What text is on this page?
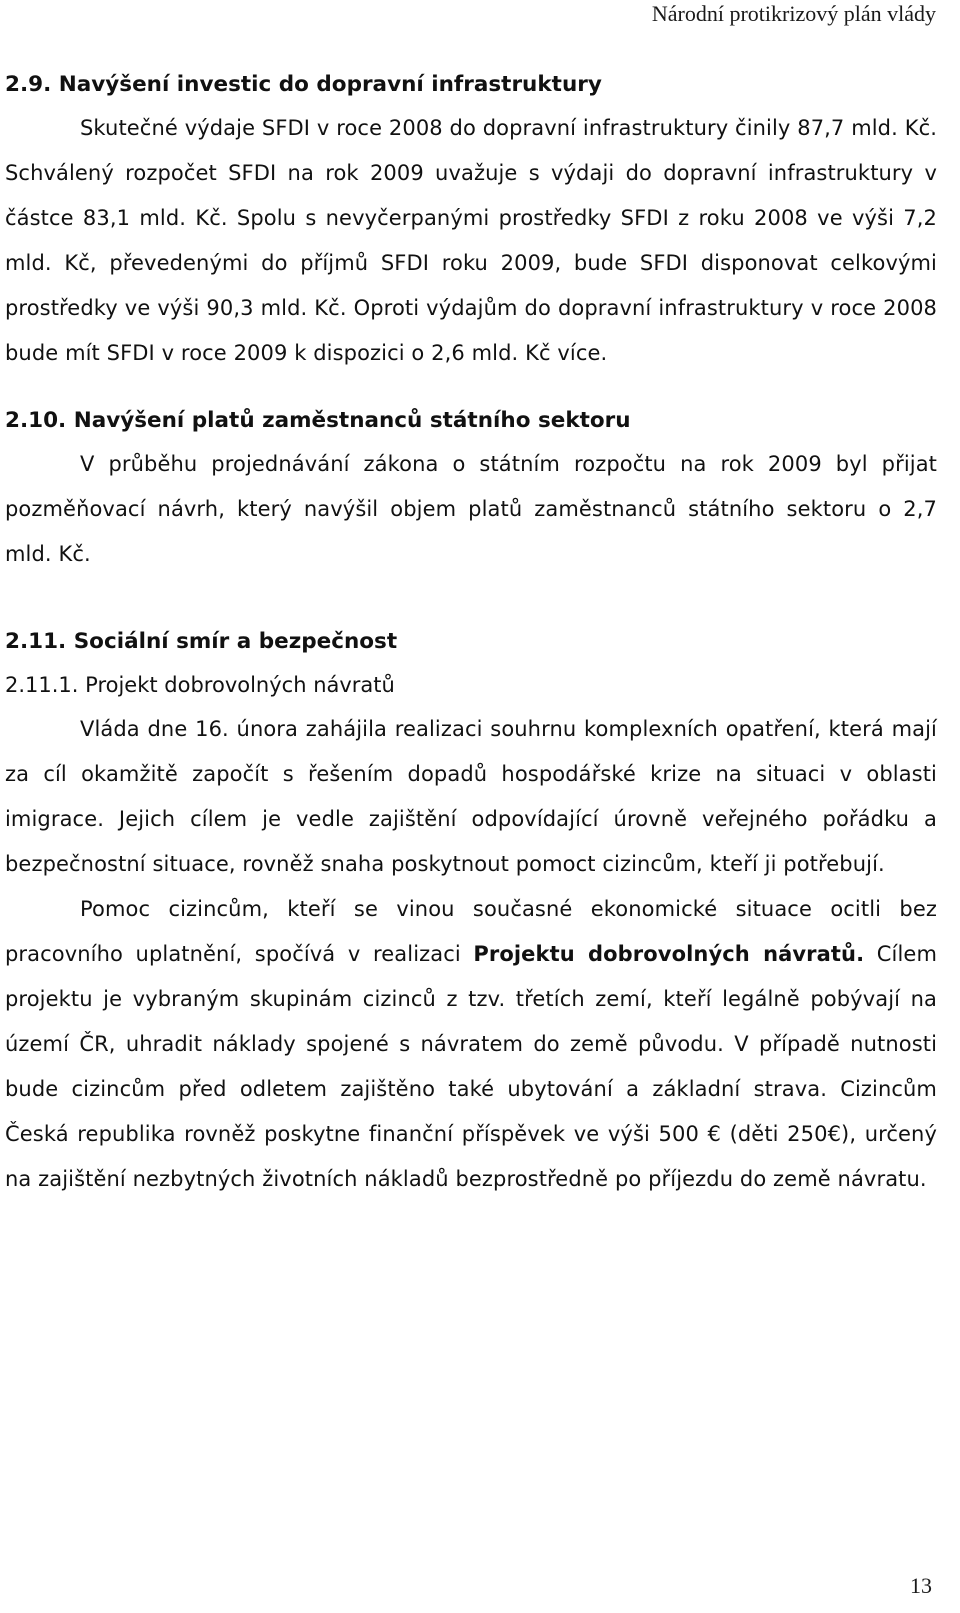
Národní protikrizový plán vlády
2.9. Navýšení investic do dopravní infrastruktury

Skutečné výdaje SFDI v roce 2008 do dopravní infrastruktury činily 87,7 mld. Kč. Schválený rozpočet SFDI na rok 2009 uvažuje s výdaji do dopravní infrastruktury v částce 83,1 mld. Kč. Spolu s nevyčerpanými prostředky SFDI z roku 2008 ve výši 7,2 mld. Kč, převedenými do příjmů SFDI roku 2009, bude SFDI disponovat celkovými prostředky ve výši 90,3 mld. Kč. Oproti výdajům do dopravní infrastruktury v roce 2008 bude mít SFDI v roce 2009 k dispozici o 2,6 mld. Kč více.

2.10. Navýšení platů zaměstnanců státního sektoru

V průběhu projednávání zákona o státním rozpočtu na rok 2009 byl přijat pozměňovací návrh, který navýšil objem platů zaměstnanců státního sektoru o 2,7 mld. Kč.

2.11. Sociální smír a bezpečnost
2.11.1. Projekt dobrovolných návratů

Vláda dne 16. února zahájila realizaci souhrnu komplexních opatření, která mají za cíl okamžitě započít s řešením dopadů hospodářské krize na situaci v oblasti imigrace. Jejich cílem je vedle zajištění odpovídající úrovně veřejného pořádku a bezpečnostní situace, rovněž snaha poskytnout pomoct cizincům, kteří ji potřebují.

Pomoc cizincům, kteří se vinou současné ekonomické situace ocitli bez pracovního uplatnění, spočívá v realizaci Projektu dobrovolných návratů. Cílem projektu je vybraným skupinám cizinců z tzv. třetích zemí, kteří legálně pobývají na území ČR, uhradit náklady spojené s návratem do země původu. V případě nutnosti bude cizincům před odletem zajištěno také ubytování a základní strava. Cizincům Česká republika rovněž poskytne finanční příspěvek ve výši 500 € (děti 250€), určený na zajištění nezbytných životních nákladů bezprostředně po příjezdu do země návratu.

13
